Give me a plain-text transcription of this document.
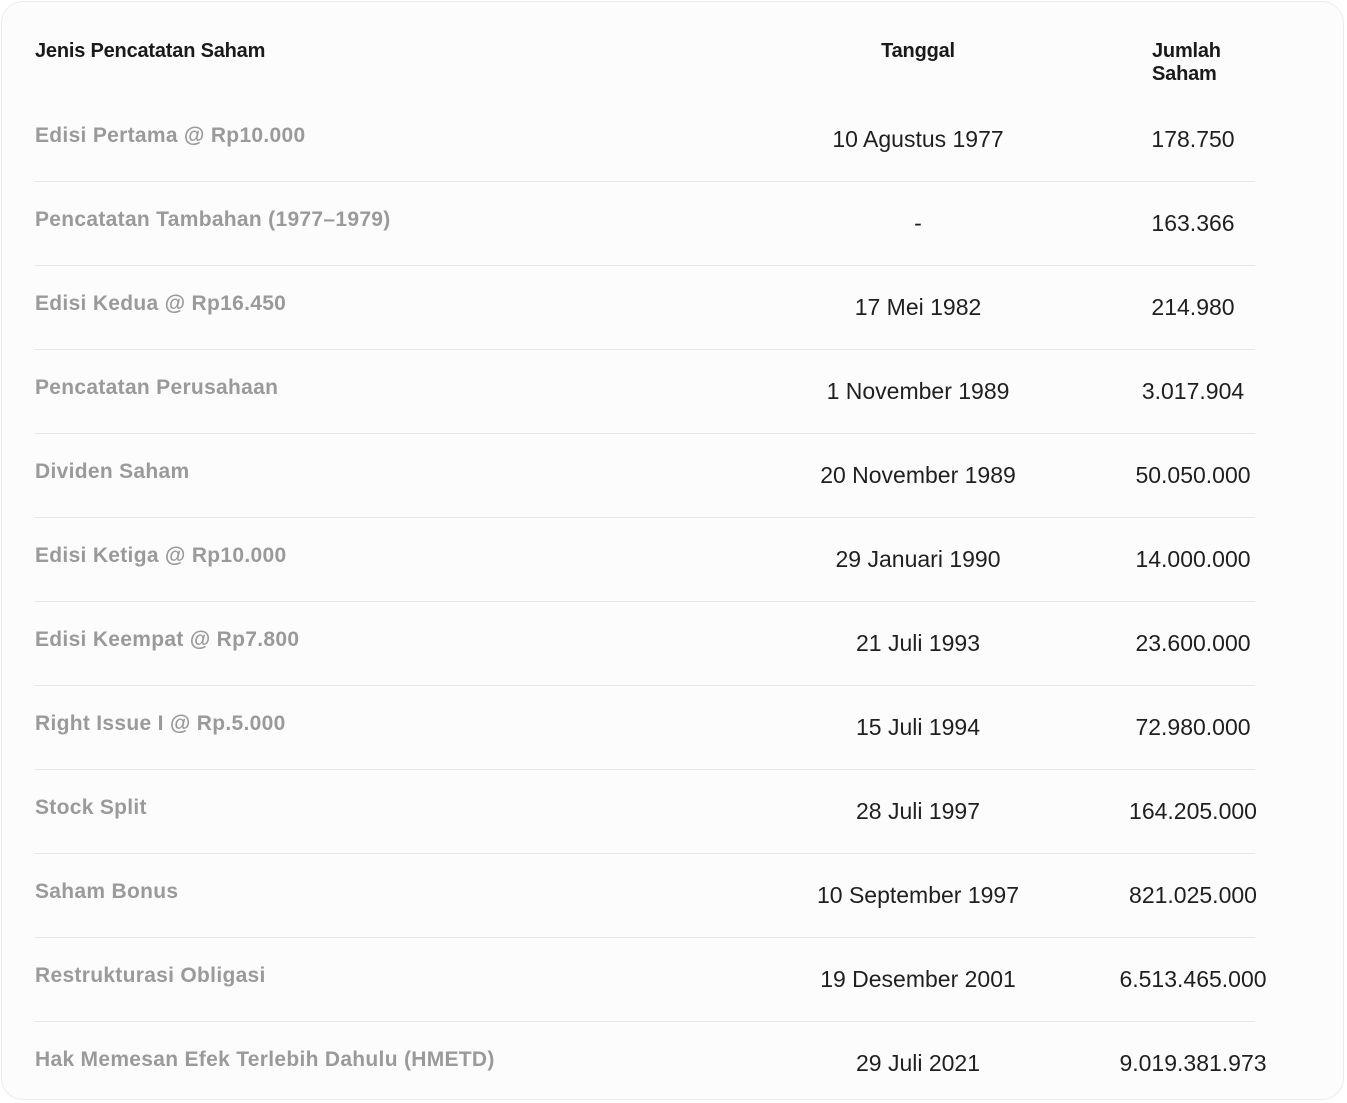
Jenis Pencatatan Saham	Tanggal	Jumlah Saham
Edisi Pertama @ Rp10.000	10 Agustus 1977	178.750
Pencatatan Tambahan (1977–1979)	-	163.366
Edisi Kedua @ Rp16.450	17 Mei 1982	214.980
Pencatatan Perusahaan	1 November 1989	3.017.904
Dividen Saham	20 November 1989	50.050.000
Edisi Ketiga @ Rp10.000	29 Januari 1990	14.000.000
Edisi Keempat @ Rp7.800	21 Juli 1993	23.600.000
Right Issue I @ Rp.5.000	15 Juli 1994	72.980.000
Stock Split	28 Juli 1997	164.205.000
Saham Bonus	10 September 1997	821.025.000
Restrukturasi Obligasi	19 Desember 2001	6.513.465.000
Hak Memesan Efek Terlebih Dahulu (HMETD)	29 Juli 2021	9.019.381.973
